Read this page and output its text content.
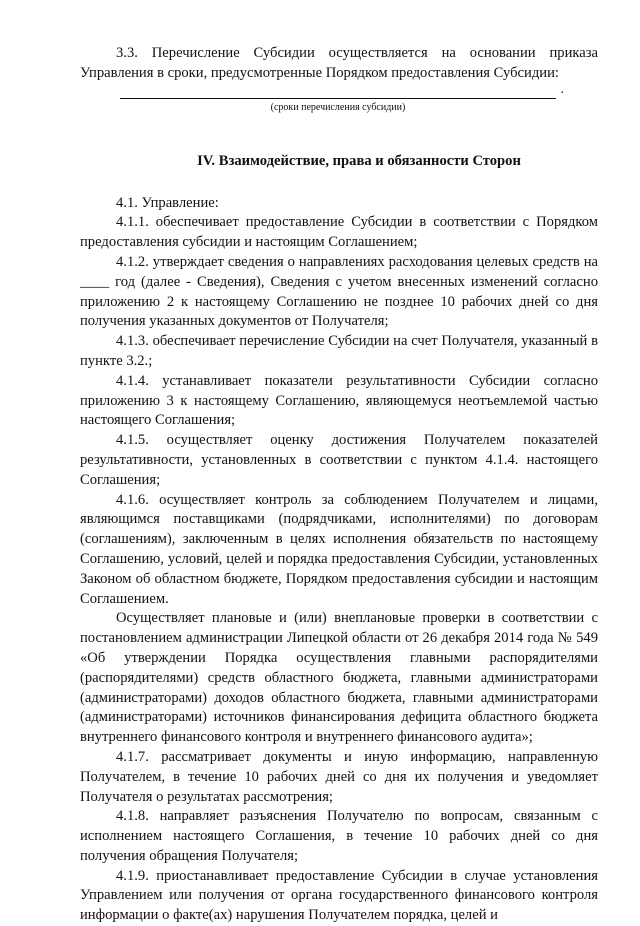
3.3. Перечисление Субсидии осуществляется на основании приказа Управления в сроки, предусмотренные Порядком предоставления Субсидии:

.
(сроки перечисления субсидии)
IV. Взаимодействие, права и обязанности Сторон

4.1. Управление:

4.1.1. обеспечивает предоставление Субсидии в соответствии с Порядком предоставления субсидии и настоящим Соглашением;

4.1.2. утверждает сведения о направлениях расходования целевых средств на ____ год (далее - Сведения), Сведения с учетом внесенных изменений согласно приложению 2 к настоящему Соглашению не позднее 10 рабочих дней со дня получения указанных документов от Получателя;

4.1.3. обеспечивает перечисление Субсидии на счет Получателя, указанный в пункте 3.2.;

4.1.4. устанавливает показатели результативности Субсидии согласно приложению 3 к настоящему Соглашению, являющемуся неотъемлемой частью настоящего Соглашения;

4.1.5. осуществляет оценку достижения Получателем показателей результативности, установленных в соответствии с пунктом 4.1.4. настоящего Соглашения;

4.1.6. осуществляет контроль за соблюдением Получателем и лицами, являющимся поставщиками (подрядчиками, исполнителями) по договорам (соглашениям), заключенным в целях исполнения обязательств по настоящему Соглашению, условий, целей и порядка предоставления Субсидии, установленных Законом об областном бюджете, Порядком предоставления субсидии и настоящим Соглашением.

Осуществляет плановые и (или) внеплановые проверки в соответствии с постановлением администрации Липецкой области от 26 декабря 2014 года № 549 «Об утверждении Порядка осуществления главными распорядителями (распорядителями) средств областного бюджета, главными администраторами (администраторами) доходов областного бюджета, главными администраторами (администраторами) источников финансирования дефицита областного бюджета внутреннего финансового контроля и внутреннего финансового аудита»;

4.1.7. рассматривает документы и иную информацию, направленную Получателем, в течение 10 рабочих дней со дня их получения и уведомляет Получателя о результатах рассмотрения;

4.1.8. направляет разъяснения Получателю по вопросам, связанным с исполнением настоящего Соглашения, в течение 10 рабочих дней со дня получения обращения Получателя;

4.1.9. приостанавливает предоставление Субсидии в случае установления Управлением или получения от органа государственного финансового контроля информации о факте(ах) нарушения Получателем порядка, целей и
